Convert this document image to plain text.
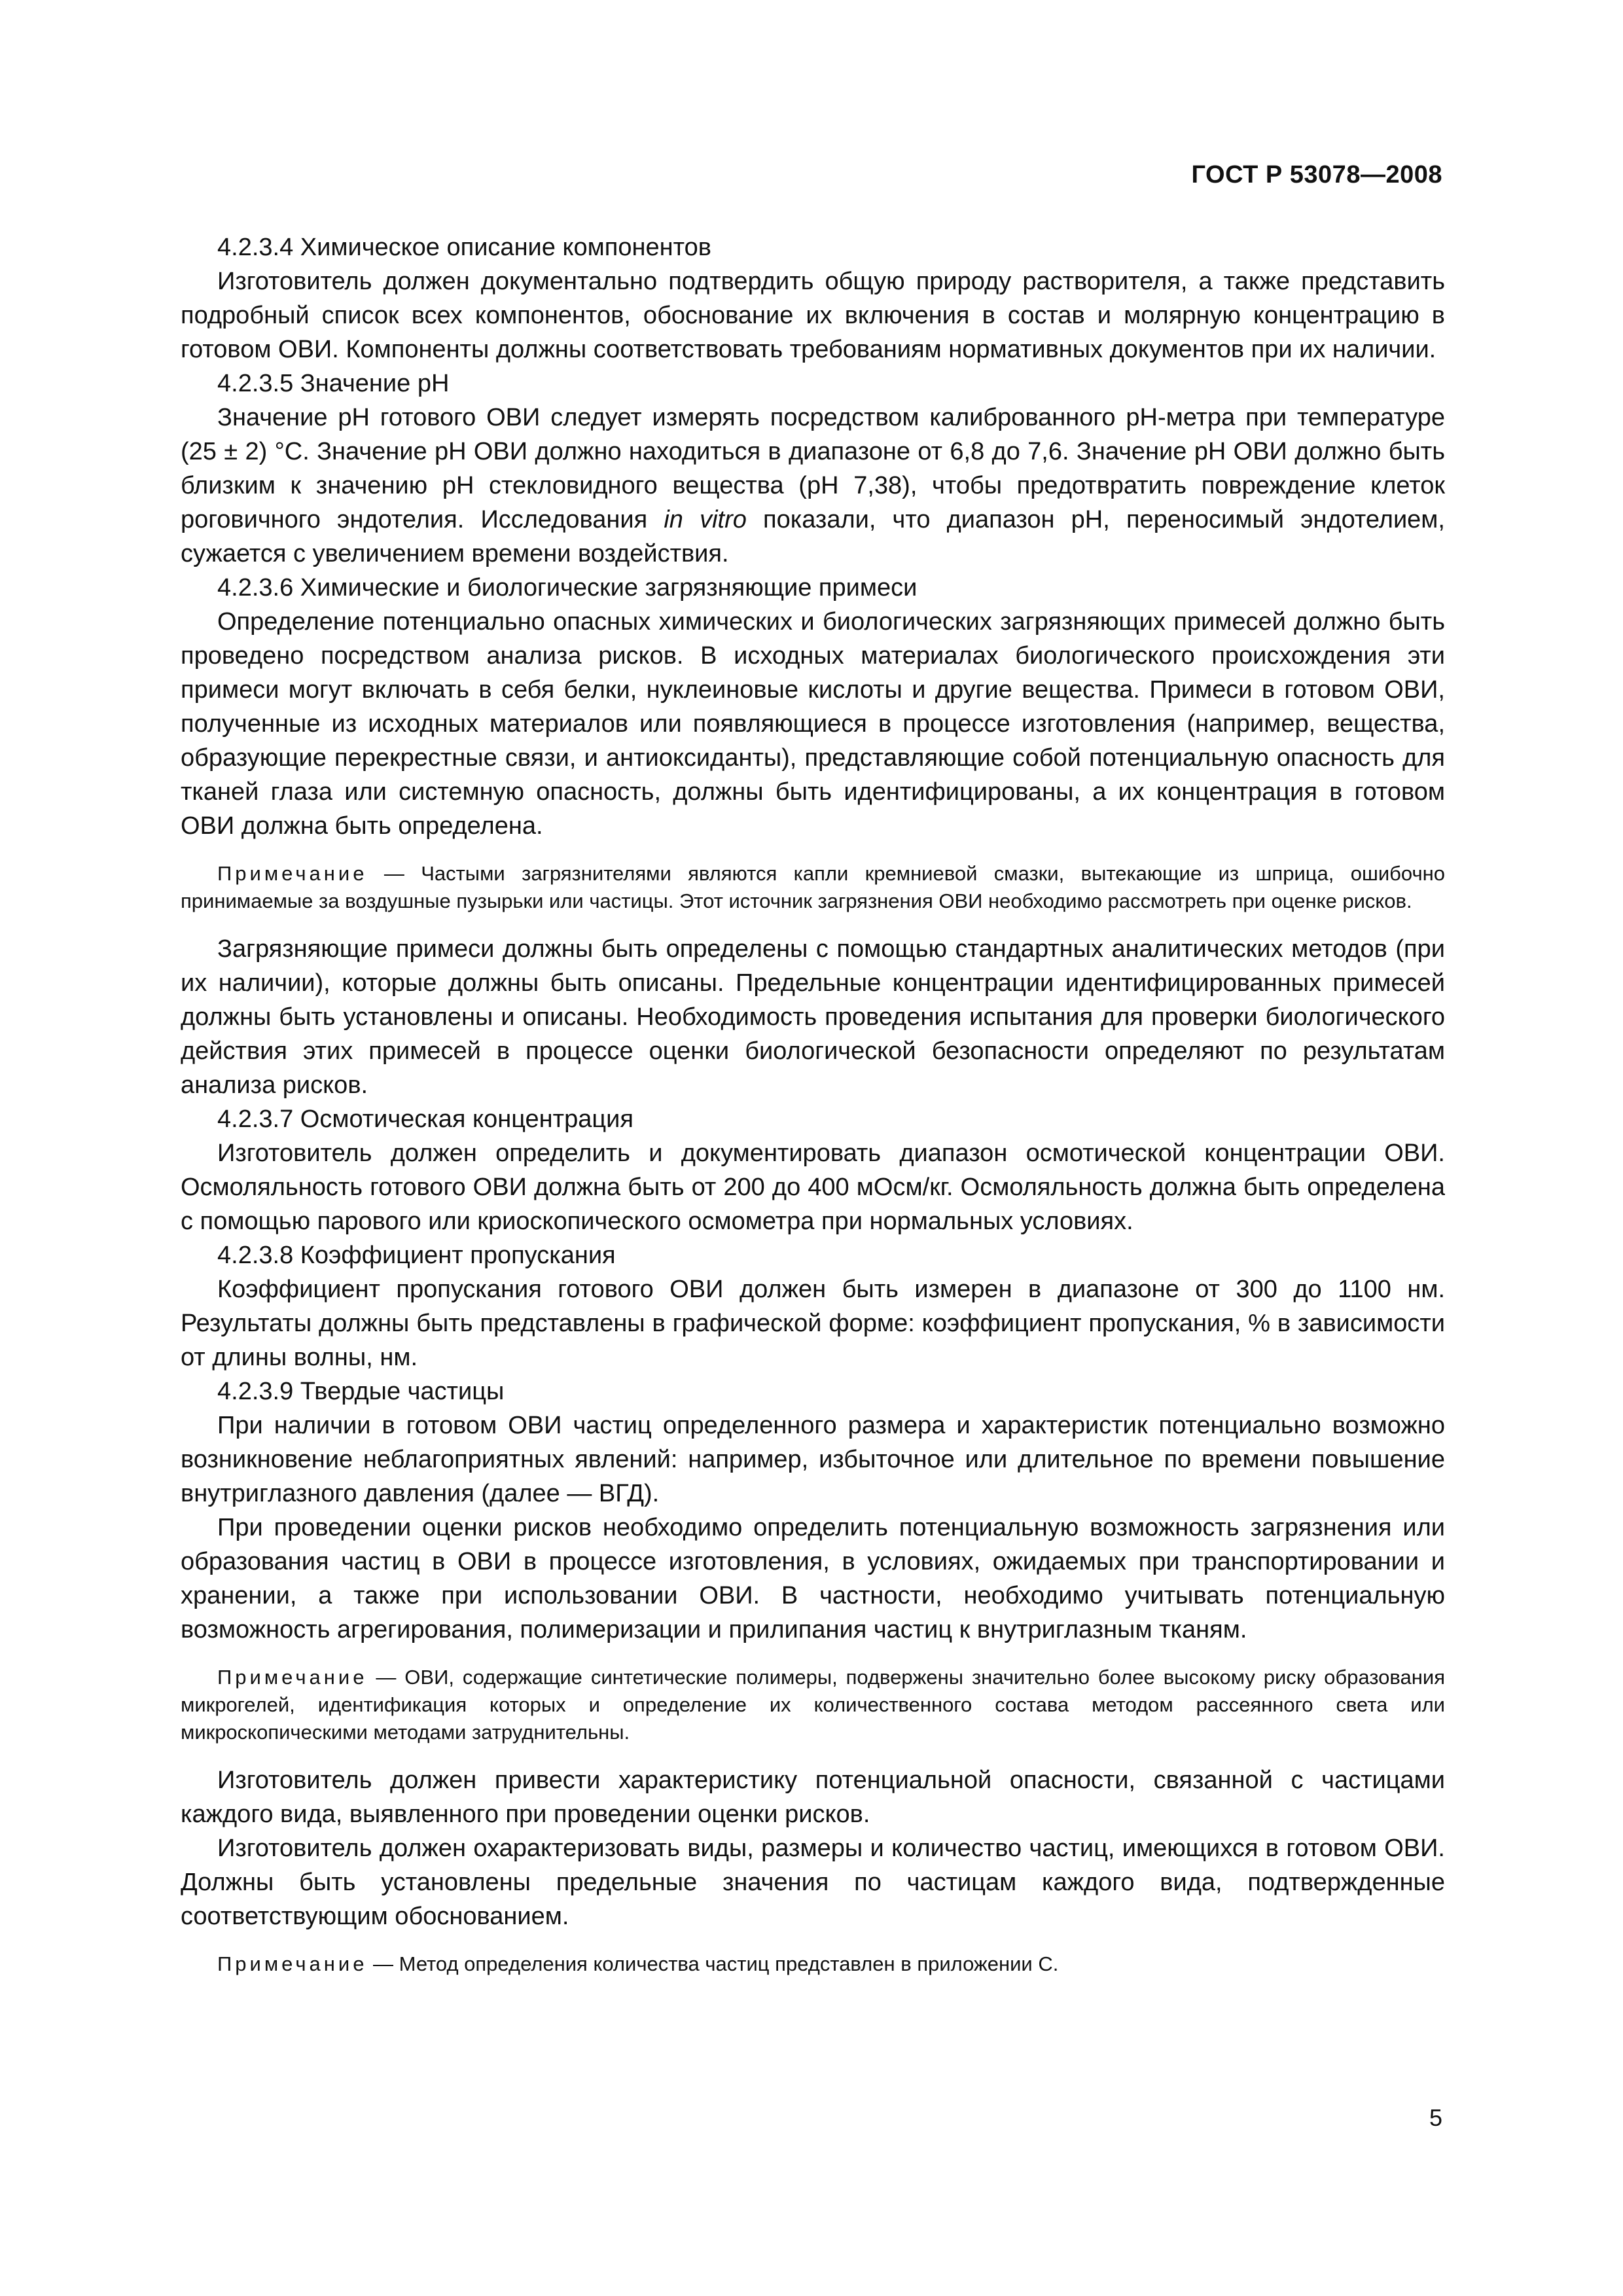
ГОСТ Р 53078—2008

4.2.3.4 Химическое описание компонентов

Изготовитель должен документально подтвердить общую природу растворителя, а также представить подробный список всех компонентов, обоснование их включения в состав и молярную концентрацию в готовом ОВИ. Компоненты должны соответствовать требованиям нормативных документов при их наличии.

4.2.3.5 Значение pH

Значение pH готового ОВИ следует измерять посредством калиброванного pH-метра при температуре (25 ± 2) °С. Значение pH ОВИ должно находиться в диапазоне от 6,8 до 7,6. Значение pH ОВИ должно быть близким к значению pH стекловидного вещества (pH 7,38), чтобы предотвратить повреждение клеток роговичного эндотелия. Исследования in vitro показали, что диапазон pH, переносимый эндотелием, сужается с увеличением времени воздействия.

4.2.3.6 Химические и биологические загрязняющие примеси

Определение потенциально опасных химических и биологических загрязняющих примесей должно быть проведено посредством анализа рисков. В исходных материалах биологического происхождения эти примеси могут включать в себя белки, нуклеиновые кислоты и другие вещества. Примеси в готовом ОВИ, полученные из исходных материалов или появляющиеся в процессе изготовления (например, вещества, образующие перекрестные связи, и антиоксиданты), представляющие собой потенциальную опасность для тканей глаза или системную опасность, должны быть идентифицированы, а их концентрация в готовом ОВИ должна быть определена.

Примечание — Частыми загрязнителями являются капли кремниевой смазки, вытекающие из шприца, ошибочно принимаемые за воздушные пузырьки или частицы. Этот источник загрязнения ОВИ необходимо рассмотреть при оценке рисков.

Загрязняющие примеси должны быть определены с помощью стандартных аналитических методов (при их наличии), которые должны быть описаны. Предельные концентрации идентифицированных примесей должны быть установлены и описаны. Необходимость проведения испытания для проверки биологического действия этих примесей в процессе оценки биологической безопасности определяют по результатам анализа рисков.

4.2.3.7 Осмотическая концентрация

Изготовитель должен определить и документировать диапазон осмотической концентрации ОВИ. Осмоляльность готового ОВИ должна быть от 200 до 400 мОсм/кг. Осмоляльность должна быть определена с помощью парового или криоскопического осмометра при нормальных условиях.

4.2.3.8 Коэффициент пропускания

Коэффициент пропускания готового ОВИ должен быть измерен в диапазоне от 300 до 1100 нм. Результаты должны быть представлены в графической форме: коэффициент пропускания, % в зависимости от длины волны, нм.

4.2.3.9 Твердые частицы

При наличии в готовом ОВИ частиц определенного размера и характеристик потенциально возможно возникновение неблагоприятных явлений: например, избыточное или длительное по времени повышение внутриглазного давления (далее — ВГД).

При проведении оценки рисков необходимо определить потенциальную возможность загрязнения или образования частиц в ОВИ в процессе изготовления, в условиях, ожидаемых при транспортировании и хранении, а также при использовании ОВИ. В частности, необходимо учитывать потенциальную возможность агрегирования, полимеризации и прилипания частиц к внутриглазным тканям.

Примечание — ОВИ, содержащие синтетические полимеры, подвержены значительно более высокому риску образования микрогелей, идентификация которых и определение их количественного состава методом рассеянного света или микроскопическими методами затруднительны.

Изготовитель должен привести характеристику потенциальной опасности, связанной с частицами каждого вида, выявленного при проведении оценки рисков.

Изготовитель должен охарактеризовать виды, размеры и количество частиц, имеющихся в готовом ОВИ. Должны быть установлены предельные значения по частицам каждого вида, подтвержденные соответствующим обоснованием.

Примечание — Метод определения количества частиц представлен в приложении С.

5
